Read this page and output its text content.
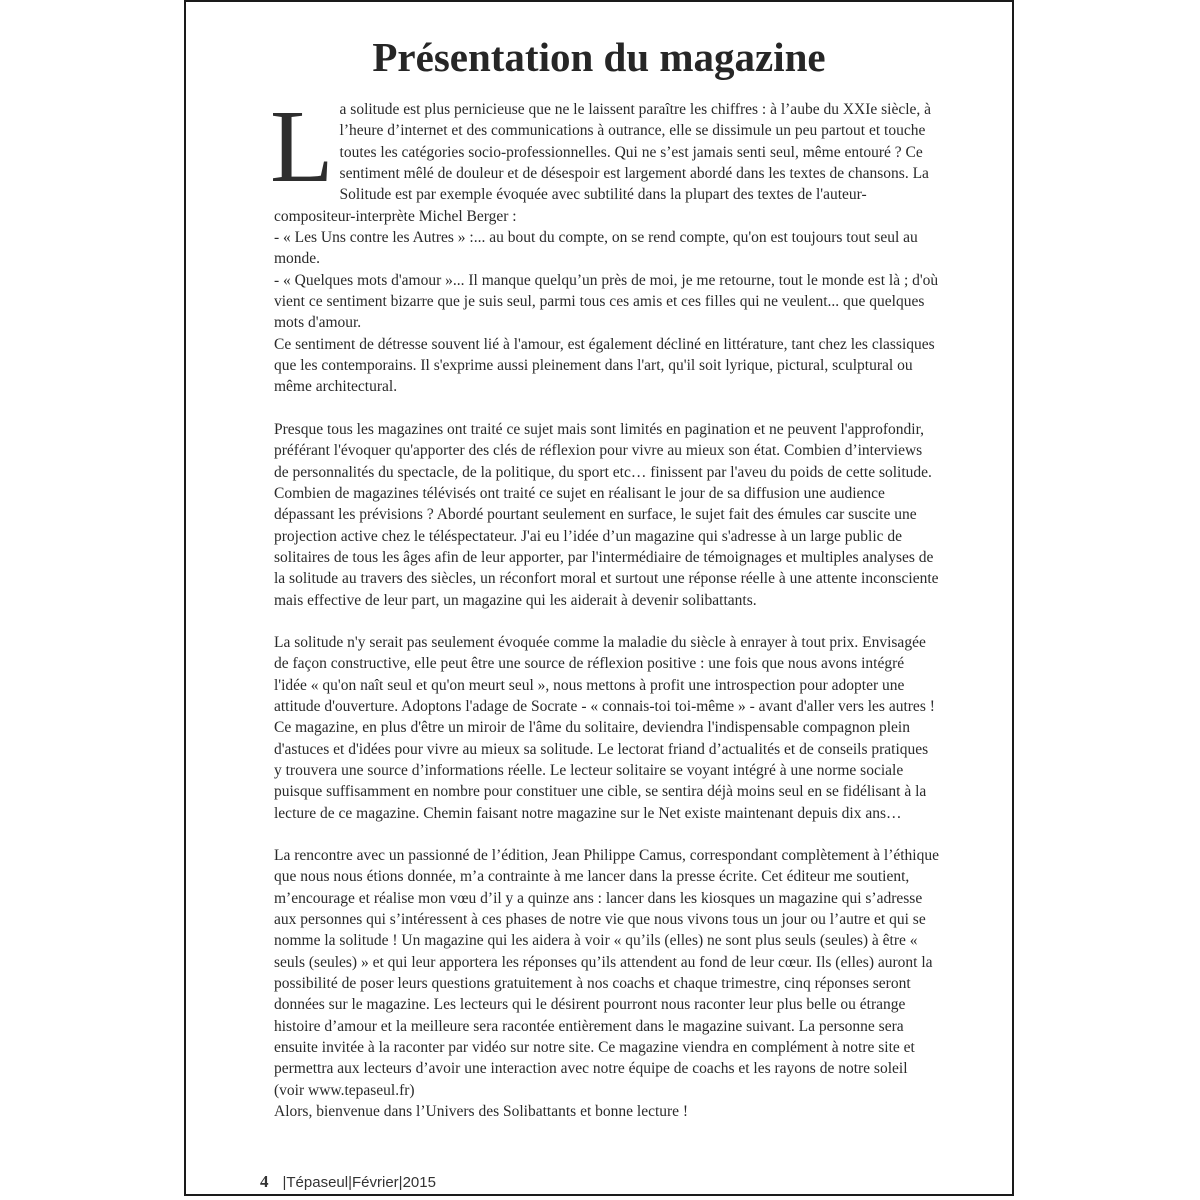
Présentation du magazine

La solitude est plus pernicieuse que ne le laissent paraître les chiffres : à l’aube du XXIe siècle, à l’heure d’internet et des communications à outrance, elle se dissimule un peu partout et touche toutes les catégories socio-professionnelles. Qui ne s’est jamais senti seul, même entouré ? Ce sentiment mêlé de douleur et de désespoir est largement abordé dans les textes de chansons. La Solitude est par exemple évoquée avec subtilité dans la plupart des textes de l'auteur-compositeur-interprète Michel Berger :

- « Les Uns contre les Autres » :... au bout du compte, on se rend compte, qu'on est toujours tout seul au monde.

- « Quelques mots d'amour »... Il manque quelqu’un près de moi, je me retourne, tout le monde est là ; d'où vient ce sentiment bizarre que je suis seul, parmi tous ces amis et ces filles qui ne veulent... que quelques mots d'amour.

Ce sentiment de détresse souvent lié à l'amour, est également décliné en littérature, tant chez les classiques que les contemporains. Il s'exprime aussi pleinement dans l'art, qu'il soit lyrique, pictural, sculptural ou même architectural.

Presque tous les magazines ont traité ce sujet mais sont limités en pagination et ne peuvent l'approfondir, préférant l'évoquer qu'apporter des clés de réflexion pour vivre au mieux son état. Combien d’interviews de personnalités du spectacle, de la politique, du sport etc… finissent par l'aveu du poids de cette solitude. Combien de magazines télévisés ont traité ce sujet en réalisant le jour de sa diffusion une audience dépassant les prévisions ? Abordé pourtant seulement en surface, le sujet fait des émules car suscite une projection active chez le téléspectateur. J'ai eu l’idée d’un magazine qui s'adresse à un large public de solitaires de tous les âges afin de leur apporter, par l'intermédiaire de témoignages et multiples analyses de la solitude au travers des siècles, un réconfort moral et surtout une réponse réelle à une attente inconsciente mais effective de leur part, un magazine qui les aiderait à devenir solibattants.

La solitude n'y serait pas seulement évoquée comme la maladie du siècle à enrayer à tout prix. Envisagée de façon constructive, elle peut être une source de réflexion positive : une fois que nous avons intégré l'idée « qu'on naît seul et qu'on meurt seul », nous mettons à profit une introspection pour adopter une attitude d'ouverture. Adoptons l'adage de Socrate - « connais-toi toi-même » - avant d'aller vers les autres ! Ce magazine, en plus d'être un miroir de l'âme du solitaire, deviendra l'indispensable compagnon plein d'astuces et d'idées pour vivre au mieux sa solitude. Le lectorat friand d’actualités et de conseils pratiques y trouvera une source d’informations réelle. Le lecteur solitaire se voyant intégré à une norme sociale puisque suffisamment en nombre pour constituer une cible, se sentira déjà moins seul en se fidélisant à la lecture de ce magazine. Chemin faisant notre magazine sur le Net existe maintenant depuis dix ans…

La rencontre avec un passionné de l’édition, Jean Philippe Camus, correspondant complètement à l’éthique que nous nous étions donnée, m’a contrainte à me lancer dans la presse écrite. Cet éditeur me soutient, m’encourage et réalise mon vœu d’il y a quinze ans : lancer dans les kiosques un magazine qui s’adresse aux personnes qui s’intéressent à ces phases de notre vie que nous vivons tous un jour ou l’autre et qui se nomme la solitude ! Un magazine qui les aidera à voir « qu’ils (elles) ne sont plus seuls (seules) à être « seuls (seules) » et qui leur apportera les réponses qu’ils attendent au fond de leur cœur. Ils (elles) auront la possibilité de poser leurs questions gratuitement à nos coachs et chaque trimestre, cinq réponses seront données sur le magazine. Les lecteurs qui le désirent pourront nous raconter leur plus belle ou étrange histoire d’amour et la meilleure sera racontée entièrement dans le magazine suivant. La personne sera ensuite invitée à la raconter par vidéo sur notre site. Ce magazine viendra en complément à notre site et permettra aux lecteurs d’avoir une interaction avec notre équipe de coachs et les rayons de notre soleil (voir www.tepaseul.fr)

Alors, bienvenue dans l’Univers des Solibattants et bonne lecture !

4 |Tépaseul|Février|2015
